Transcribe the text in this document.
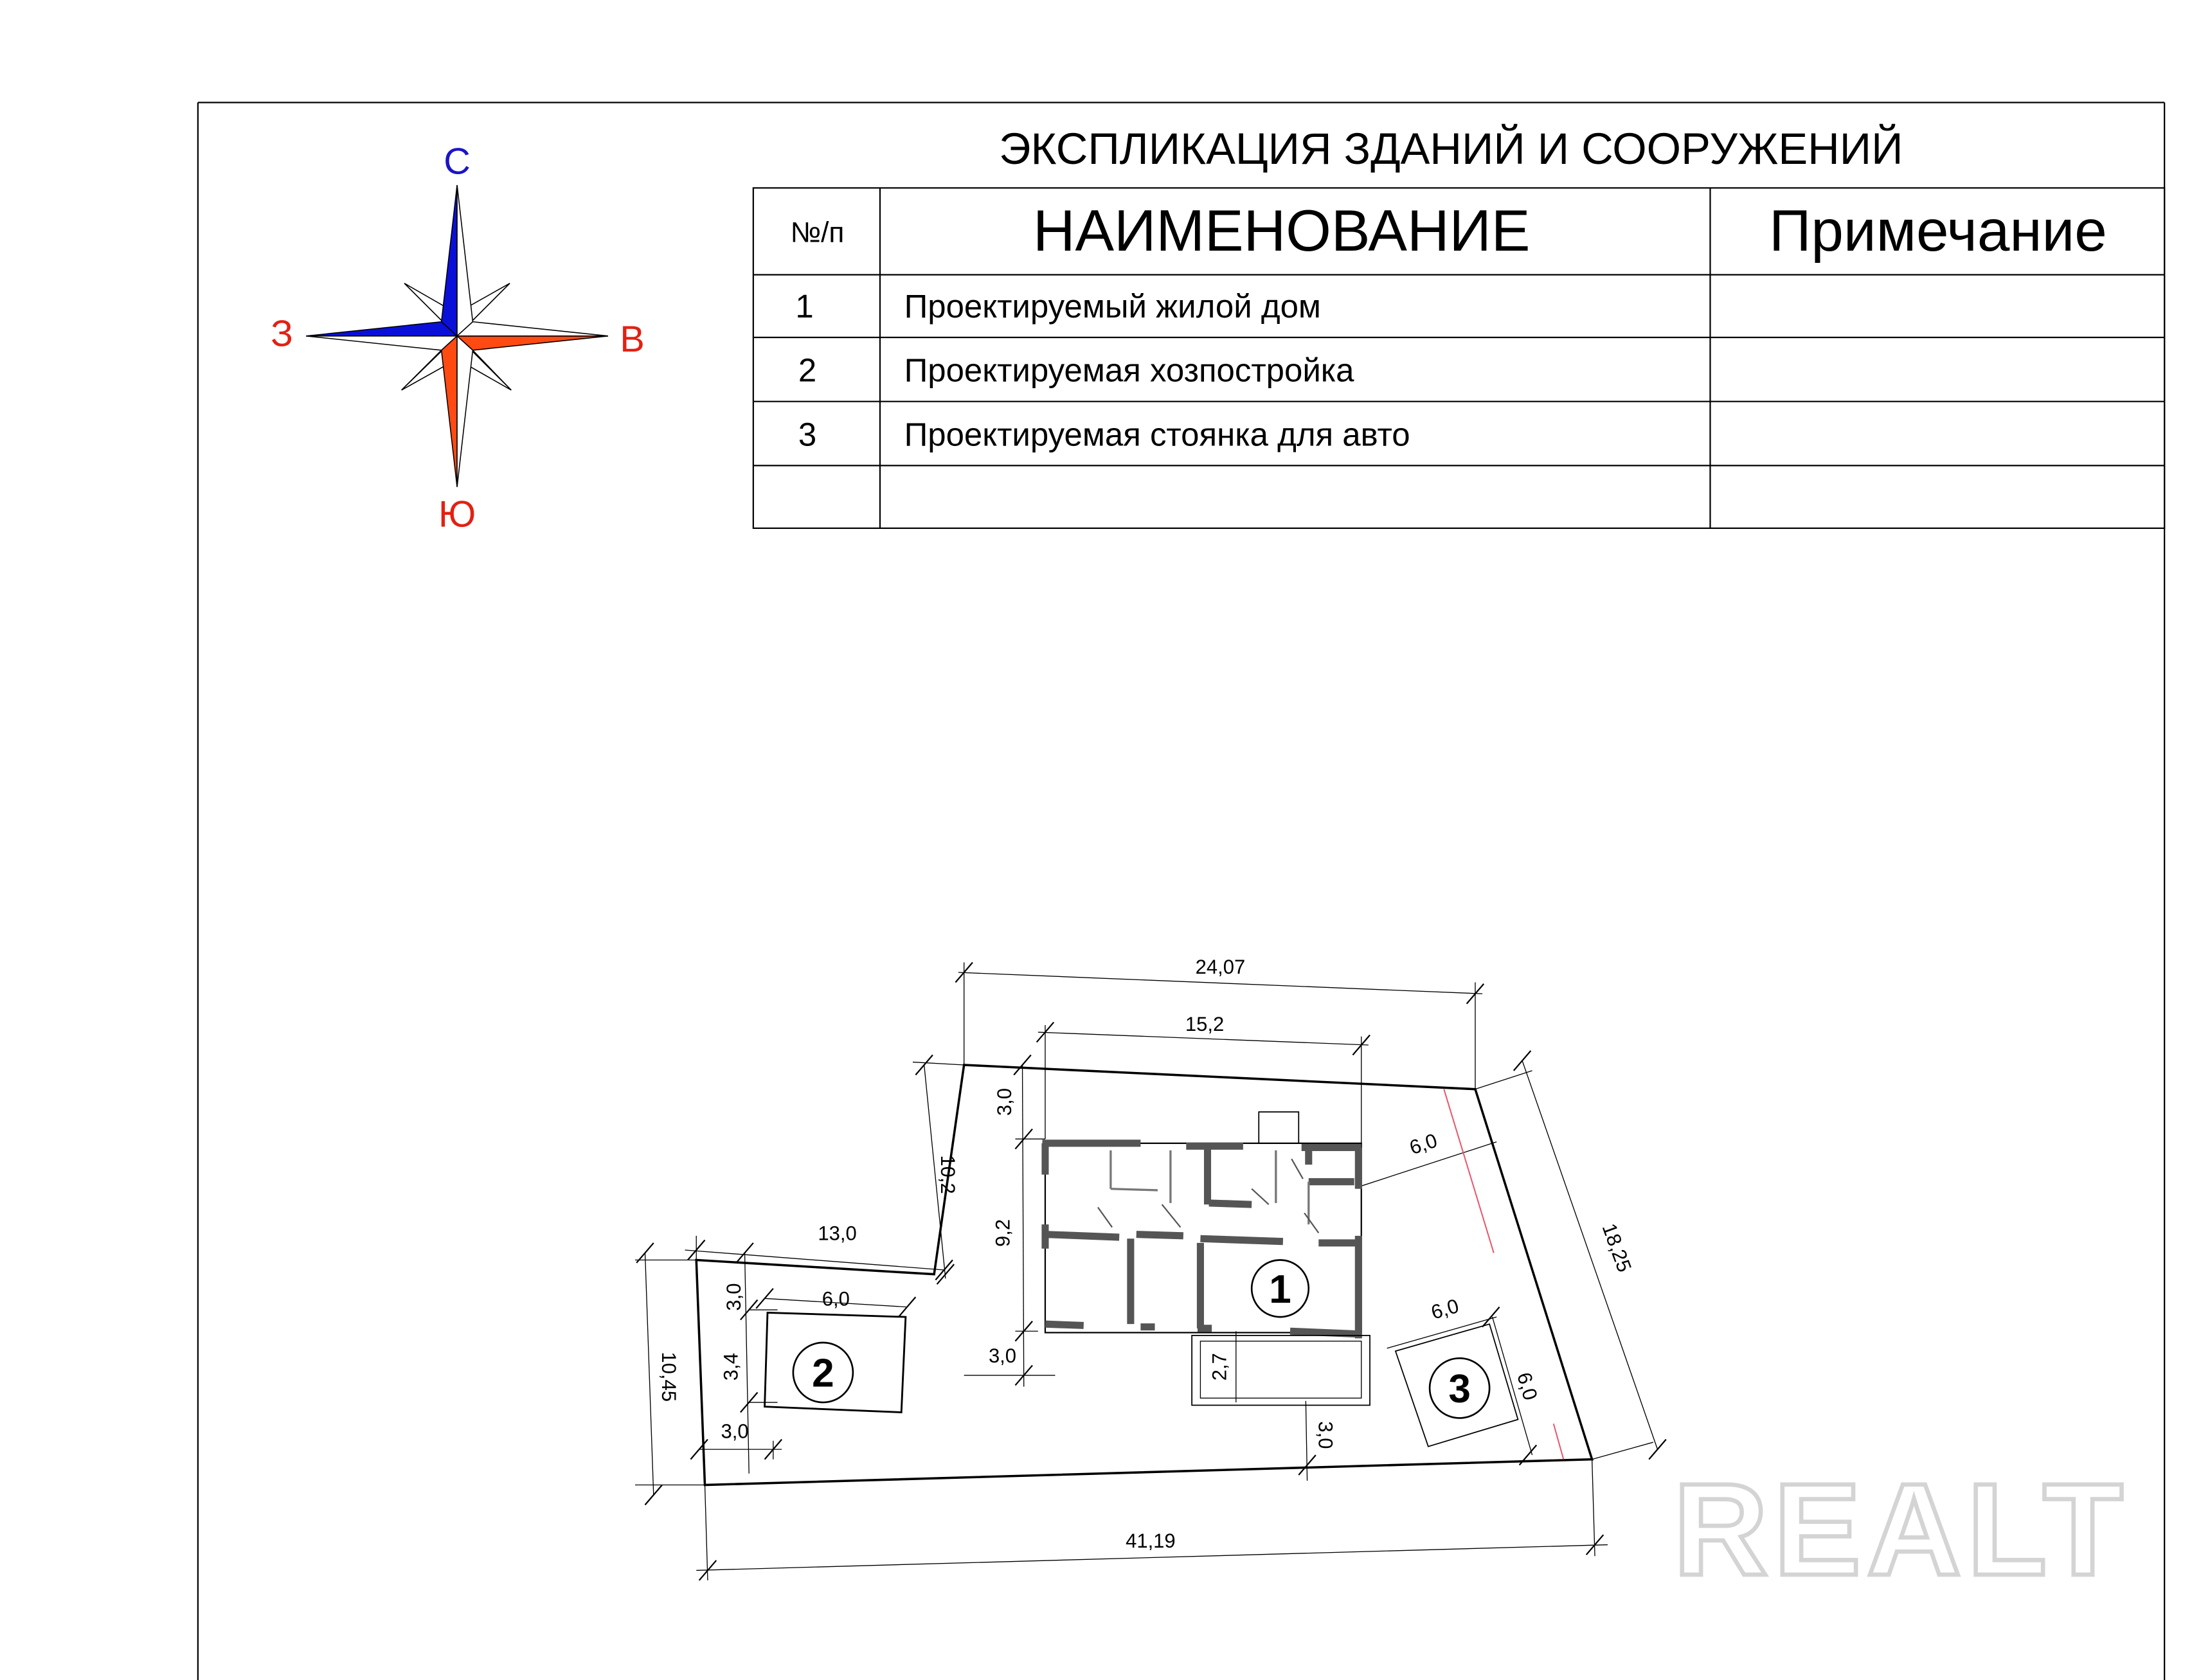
С
Ю
З	В
ЭКСПЛИКАЦИЯ ЗДАНИЙ И СООРУЖЕНИЙ
№/п	НАИМЕНОВАНИЕ	Примечание
1	Проектируемый жилой дом
2	Проектируемая хозпостройка
3	Проектируемая стоянка для авто
REALT
1
2	3
24,07
15,2
10,2
3,0
9,2
3,0
6,0
18,25
13,0
3,0	6,0
3,4
3,0
10,45	2,7
3,0
6,0
6,0
41,19
